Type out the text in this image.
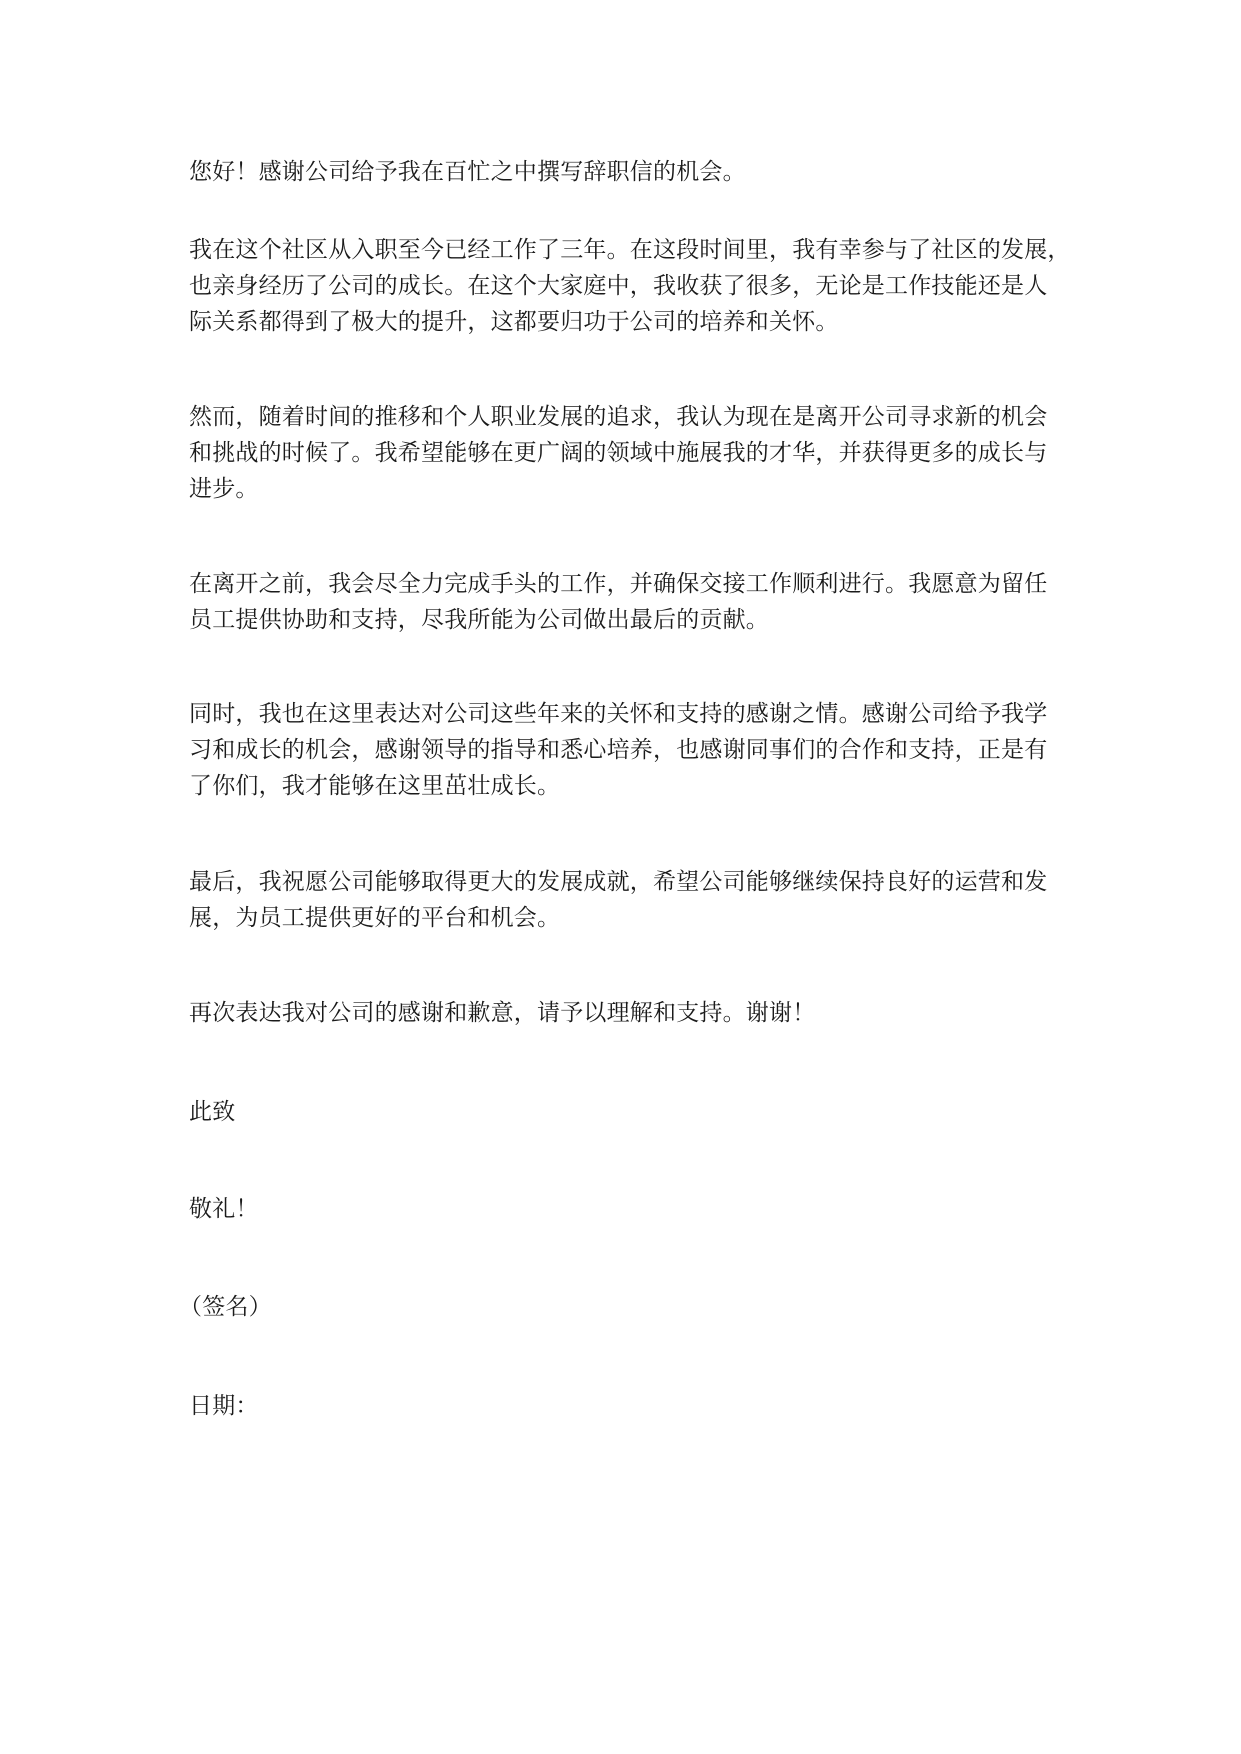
您好！感谢公司给予我在百忙之中撰写辞职信的机会。
我在这个社区从入职至今已经工作了三年。在这段时间里，我有幸参与了社区的发展，
也亲身经历了公司的成长。在这个大家庭中，我收获了很多，无论是工作技能还是人
际关系都得到了极大的提升，这都要归功于公司的培养和关怀。
然而，随着时间的推移和个人职业发展的追求，我认为现在是离开公司寻求新的机会
和挑战的时候了。我希望能够在更广阔的领域中施展我的才华，并获得更多的成长与
进步。
在离开之前，我会尽全力完成手头的工作，并确保交接工作顺利进行。我愿意为留任
员工提供协助和支持，尽我所能为公司做出最后的贡献。
同时，我也在这里表达对公司这些年来的关怀和支持的感谢之情。感谢公司给予我学
习和成长的机会，感谢领导的指导和悉心培养，也感谢同事们的合作和支持，正是有
了你们，我才能够在这里茁壮成长。
最后，我祝愿公司能够取得更大的发展成就，希望公司能够继续保持良好的运营和发
展，为员工提供更好的平台和机会。
再次表达我对公司的感谢和歉意，请予以理解和支持。谢谢！
此致
敬礼！
（签名）
日期：
